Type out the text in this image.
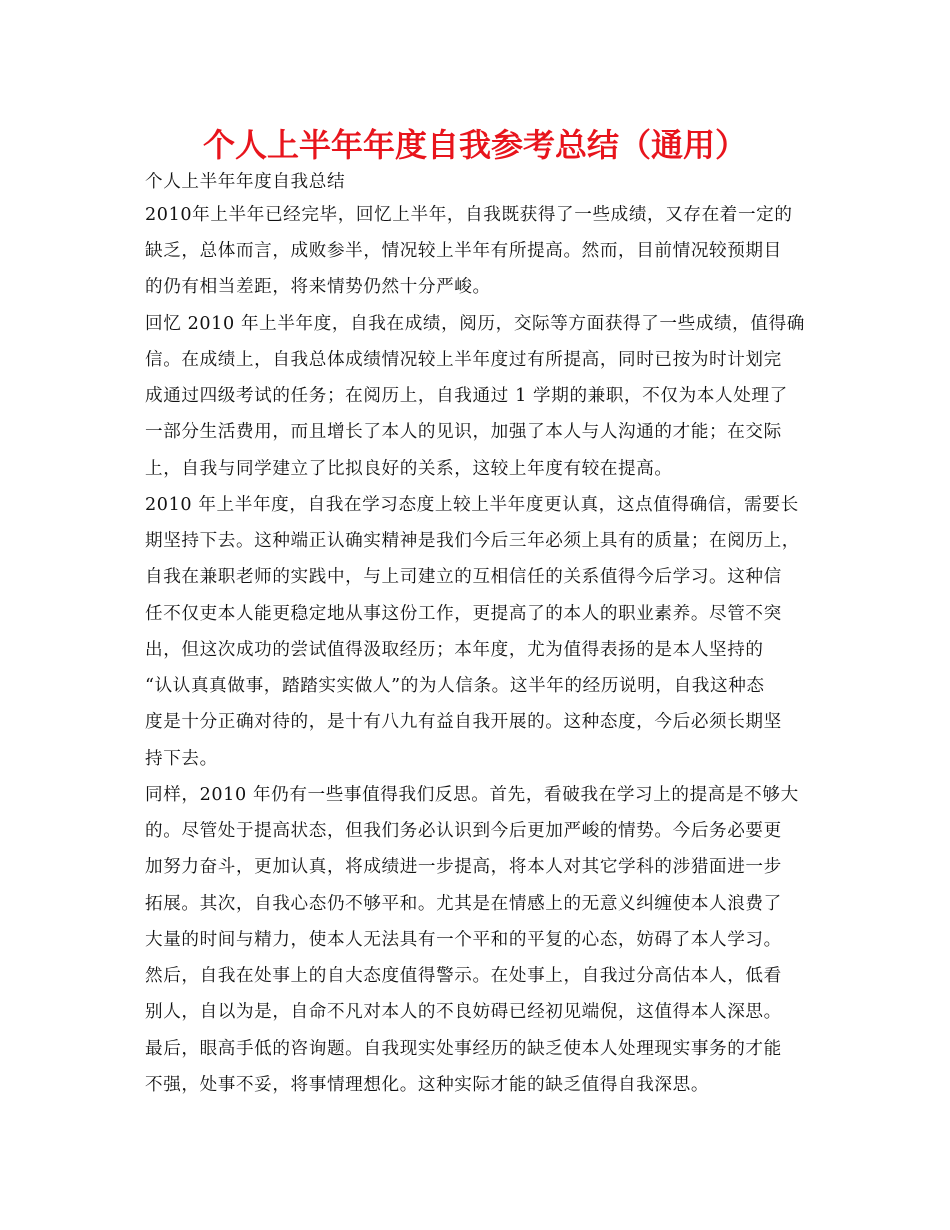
个人上半年年度自我参考总结（通用）
个人上半年年度自我总结
2010年上半年已经完毕，回忆上半年，自我既获得了一些成绩，又存在着一定的
缺乏，总体而言，成败参半，情况较上半年有所提高。然而，目前情况较预期目
的仍有相当差距，将来情势仍然十分严峻。
回忆 2010 年上半年度，自我在成绩，阅历，交际等方面获得了一些成绩，值得确
信。在成绩上，自我总体成绩情况较上半年度过有所提高，同时已按为时计划完
成通过四级考试的任务；在阅历上，自我通过 1 学期的兼职，不仅为本人处理了
一部分生活费用，而且增长了本人的见识，加强了本人与人沟通的才能；在交际
上，自我与同学建立了比拟良好的关系，这较上年度有较在提高。
2010 年上半年度，自我在学习态度上较上半年度更认真，这点值得确信，需要长
期坚持下去。这种端正认确实精神是我们今后三年必须上具有的质量；在阅历上，
自我在兼职老师的实践中，与上司建立的互相信任的关系值得今后学习。这种信
任不仅吏本人能更稳定地从事这份工作，更提高了的本人的职业素养。尽管不突
出，但这次成功的尝试值得汲取经历；本年度，尤为值得表扬的是本人坚持的
“认认真真做事，踏踏实实做人”的为人信条。这半年的经历说明，自我这种态
度是十分正确对待的，是十有八九有益自我开展的。这种态度，今后必须长期坚
持下去。
同样，2010 年仍有一些事值得我们反思。首先，看破我在学习上的提高是不够大
的。尽管处于提高状态，但我们务必认识到今后更加严峻的情势。今后务必要更
加努力奋斗，更加认真，将成绩进一步提高，将本人对其它学科的涉猎面进一步
拓展。其次，自我心态仍不够平和。尤其是在情感上的无意义纠缠使本人浪费了
大量的时间与精力，使本人无法具有一个平和的平复的心态，妨碍了本人学习。
然后，自我在处事上的自大态度值得警示。在处事上，自我过分高估本人，低看
别人，自以为是，自命不凡对本人的不良妨碍已经初见端倪，这值得本人深思。
最后，眼高手低的咨询题。自我现实处事经历的缺乏使本人处理现实事务的才能
不强，处事不妥，将事情理想化。这种实际才能的缺乏值得自我深思。
